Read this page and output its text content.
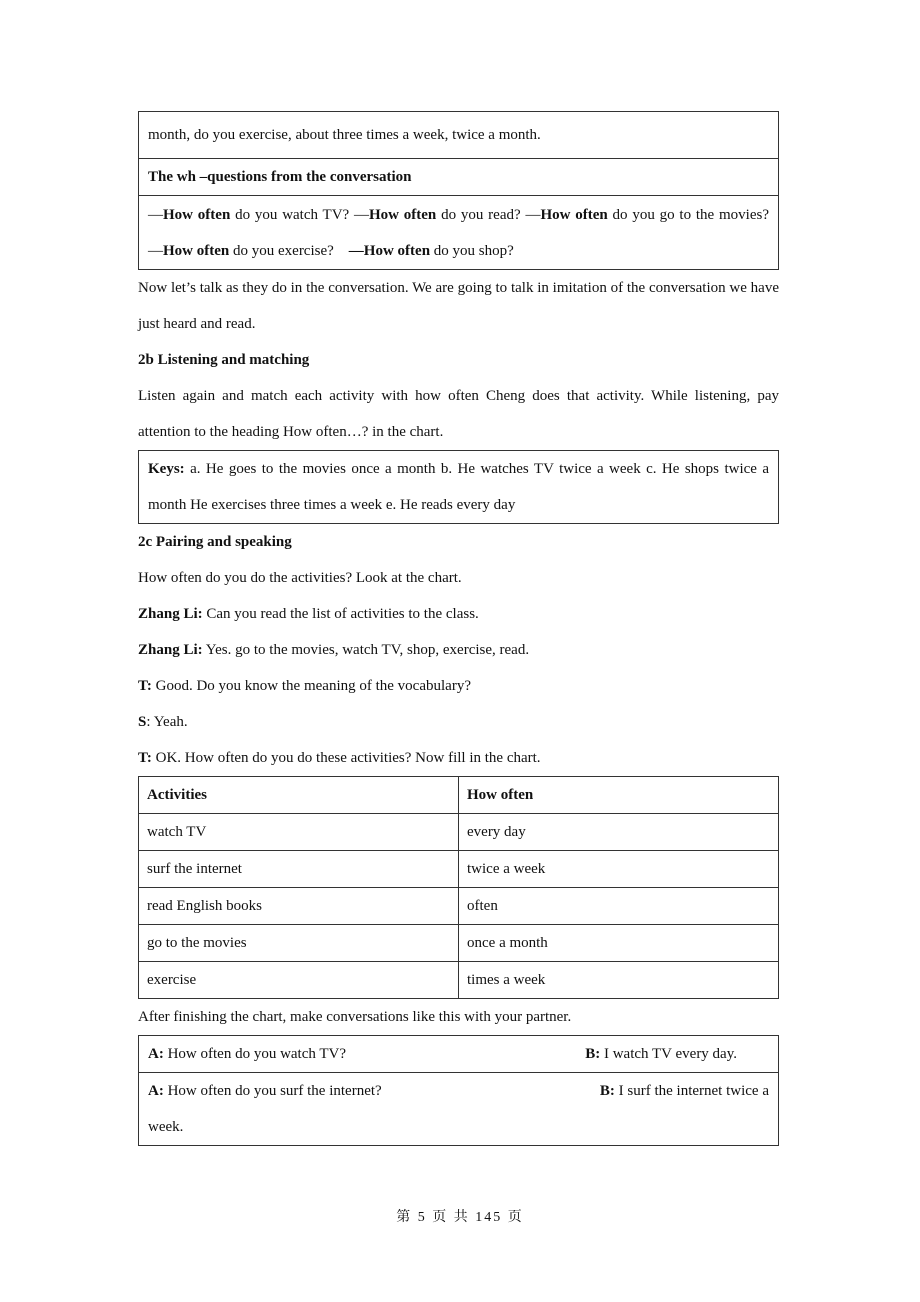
month, do you exercise, about three times a week, twice a month.
The wh –questions from the conversation
—How often do you watch TV? —How often do you read? —How often do you go to the movies?
—How often do you exercise? —How often do you shop?

Now let’s talk as they do in the conversation. We are going to talk in imitation of the conversation we have just heard and read.

2b Listening and matching

Listen again and match each activity with how often Cheng does that activity. While listening, pay attention to the heading How often…? in the chart.

Keys: a. He goes to the movies once a month b. He watches TV twice a week c. He shops twice a month He exercises three times a week e. He reads every day

2c Pairing and speaking

How often do you do the activities? Look at the chart.

Zhang Li: Can you read the list of activities to the class.

Zhang Li: Yes. go to the movies, watch TV, shop, exercise, read.

T: Good. Do you know the meaning of the vocabulary?

S: Yeah.

T: OK. How often do you do these activities? Now fill in the chart.

Activities	How often
watch TV	every day
surf the internet	twice a week
read English books	often
go to the movies	once a month
exercise	times a week

After finishing the chart, make conversations like this with your partner.

A: How often do you watch TV?	B: I watch TV every day.
A: How often do you surf the internet?	B: I surf the internet twice a
week.
第 5 页 共 145 页
